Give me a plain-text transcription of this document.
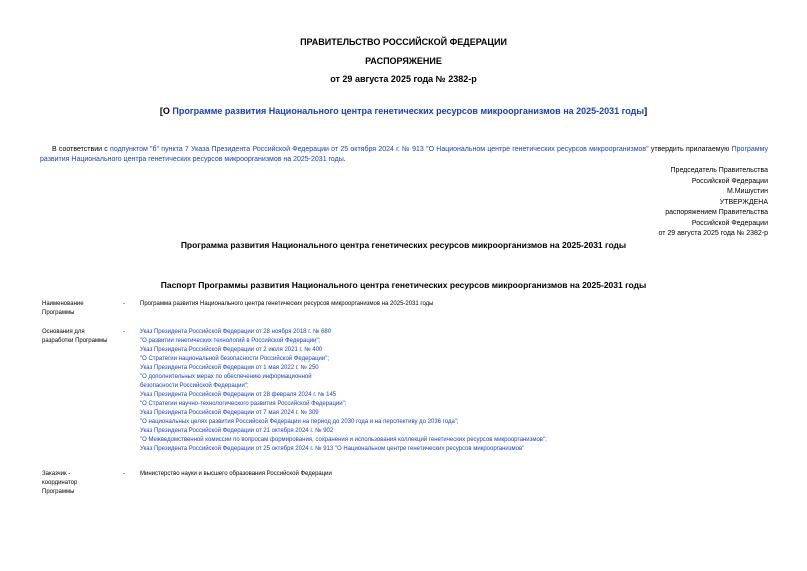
ПРАВИТЕЛЬСТВО РОССИЙСКОЙ ФЕДЕРАЦИИ
РАСПОРЯЖЕНИЕ
от 29 августа 2025 года № 2382-р
[О Программе развития Национального центра генетических ресурсов микроорганизмов на 2025-2031 годы]
В соответствии с подпунктом "б" пункта 7 Указа Президента Российской Федерации от 25 октября 2024 г. № 913 "О Национальном центре генетических ресурсов микроорганизмов" утвердить прилагаемую Программу развития Национального центра генетических ресурсов микроорганизмов на 2025-2031 годы.
Председатель Правительства
Российской Федерации
М.Мишустин
УТВЕРЖДЕНА
распоряжением Правительства
Российской Федерации
от 29 августа 2025 года № 2382-р
Программа развития Национального центра генетических ресурсов микроорганизмов на 2025-2031 годы
Паспорт Программы развития Национального центра генетических ресурсов микроорганизмов на 2025-2031 годы
Наименование
Программы
-	Программа развития Национального центра генетических ресурсов микроорганизмов на 2025-2031 годы
Основания для
разработки Программы
-	Указ Президента Российской Федерации от 28 ноября 2018 г. № 680
"О развитии генетических технологий в Российской Федерации";
Указ Президента Российской Федерации от 2 июля 2021 г. № 400
"О Стратегии национальной безопасности Российской Федерации";
Указ Президента Российской Федерации от 1 мая 2022 г. № 250
"О дополнительных мерах по обеспечению информационной
безопасности Российской Федерации";
Указ Президента Российской Федерации от 28 февраля 2024 г. № 145
"О Стратегии научно-технологического развития Российской Федерации";
Указ Президента Российской Федерации от 7 мая 2024 г. № 309
"О национальных целях развития Российской Федерации на период до 2030 года и на перспективу до 2036 года";
Указ Президента Российской Федерации от 21 октября 2024 г. № 902
"О Межведомственной комиссии по вопросам формирования, сохранения и использования коллекций генетических ресурсов микроорганизмов";
Указ Президента Российской Федерации от 25 октября 2024 г. № 913 "О Национальном центре генетических ресурсов микроорганизмов"
Заказчик -
координатор
Программы
-	Министерство науки и высшего образования Российской Федерации
